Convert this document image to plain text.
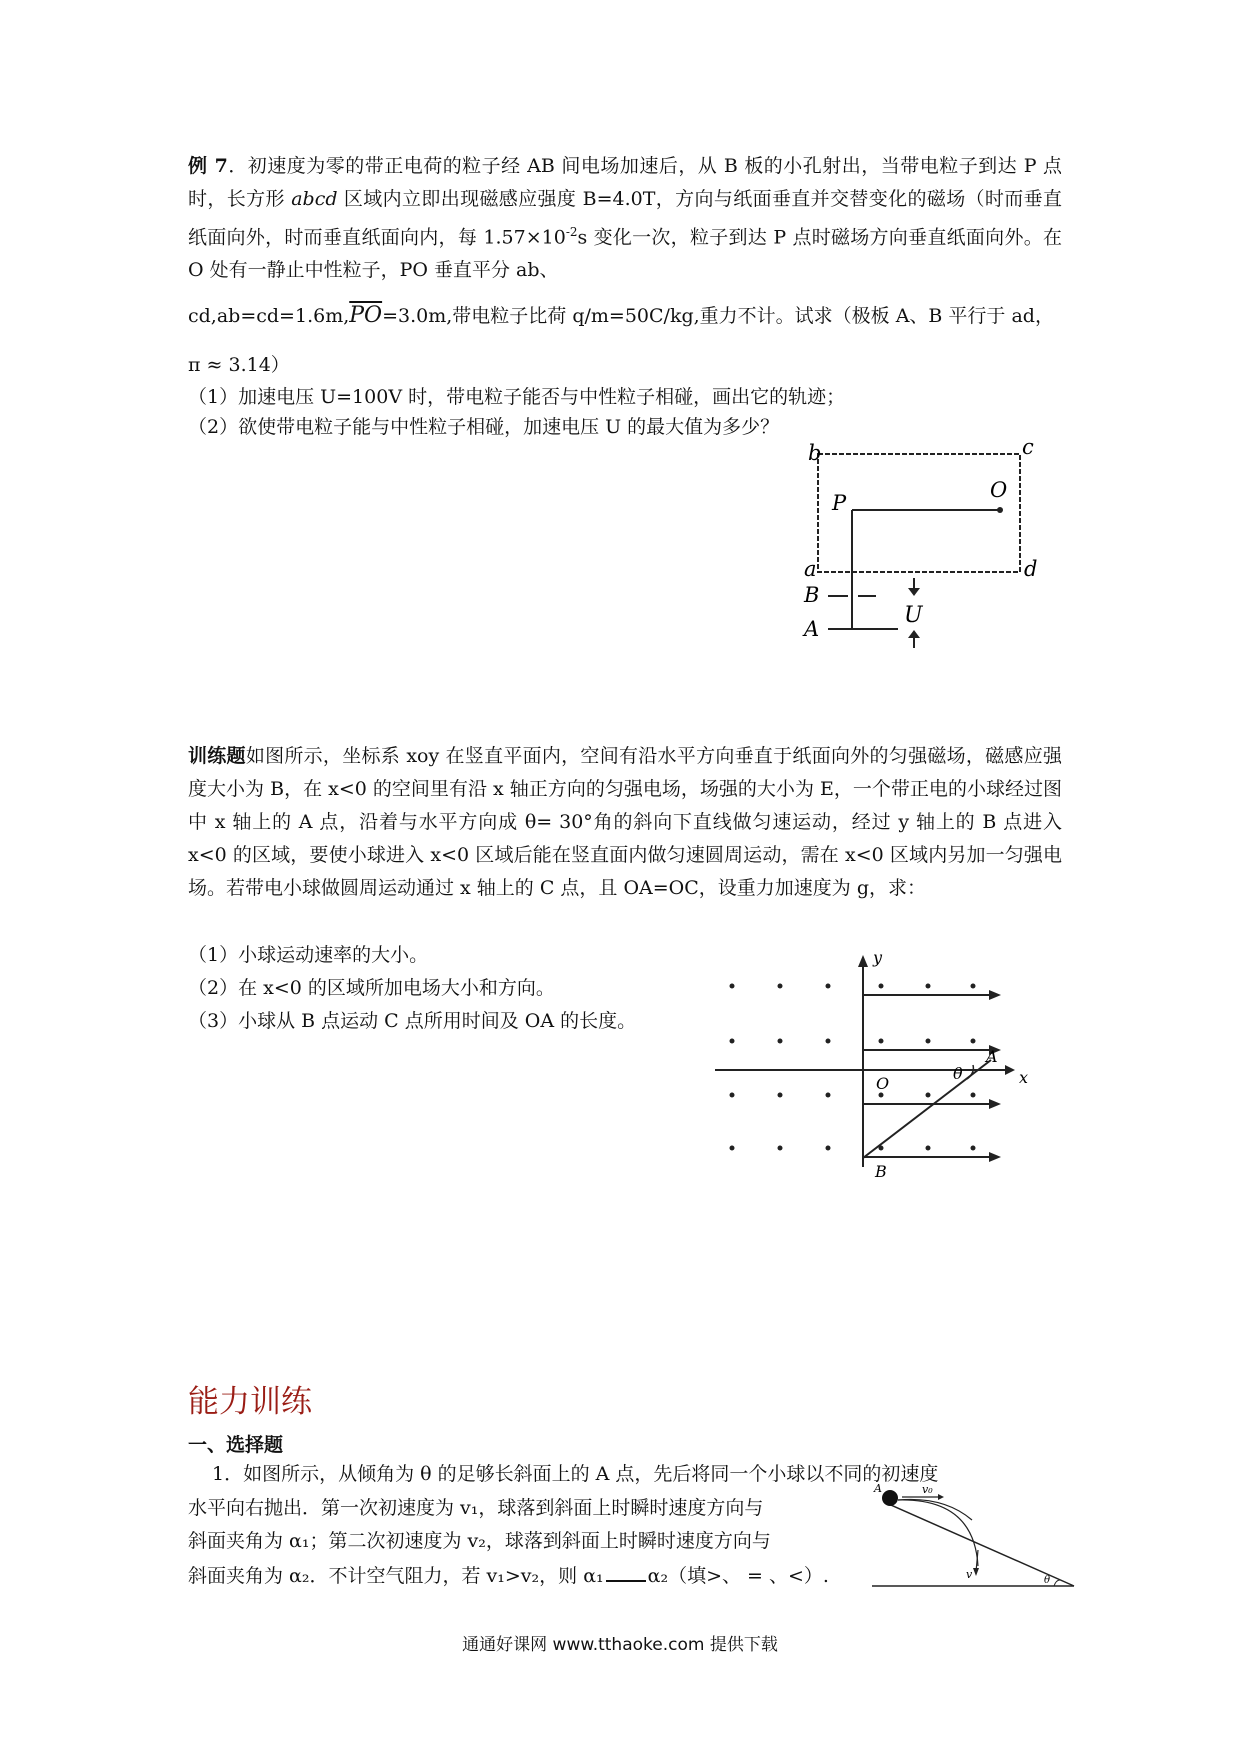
例 7．初速度为零的带正电荷的粒子经 AB 间电场加速后，从 B 板的小孔射出，当带电粒子到达 P 点时，长方形 abcd 区域内立即出现磁感应强度 B=4.0T，方向与纸面垂直并交替变化的磁场（时而垂直纸面向外，时而垂直纸面向内，每 $1.57\times 10^{-2}s$ 变化一次，粒子到达 P 点时磁场方向垂直纸面向外。在 O 处有一静止中性粒子，PO 垂直平分 ab、
$cd,ab=cd=1.6m,\overline{PO}=3.0m$,带电粒子比荷 q/m=50C/kg,重力不计。试求（极板 A、B 平行于 ad，
π ≈ 3.14）
（1）加速电压 U=100V 时，带电粒子能否与中性粒子相碰，画出它的轨迹；
（2）欲使带电粒子能与中性粒子相碰，加速电压 U 的最大值为多少？
b	c
P
O
a	d
B
A
U
训练题如图所示，坐标系 xoy 在竖直平面内，空间有沿水平方向垂直于纸面向外的匀强磁场，磁感应强度大小为 B，在 x<0 的空间里有沿 x 轴正方向的匀强电场，场强的大小为 E，一个带正电的小球经过图中 x 轴上的 A 点，沿着与水平方向成 θ= 30°角的斜向下直线做匀速运动，经过 y 轴上的 B 点进入 x<0 的区域，要使小球进入 x<0 区域后能在竖直面内做匀速圆周运动，需在 x<0 区域内另加一匀强电场。若带电小球做圆周运动通过 x 轴上的 C 点，且 OA=OC，设重力加速度为 g，求：
（1）小球运动速率的大小。
（2）在 x<0 的区域所加电场大小和方向。
（3）小球从 B 点运动 C 点所用时间及 OA 的长度。
O
y
x
A
B
θ
能力训练
一、选择题
1．如图所示，从倾角为 θ 的足够长斜面上的 A 点，先后将同一个小球以不同的初速度
水平向右抛出．第一次初速度为 v₁，球落到斜面上时瞬时速度方向与
斜面夹角为 α₁；第二次初速度为 v₂，球落到斜面上时瞬时速度方向与
斜面夹角为 α₂．不计空气阻力，若 v₁>v₂，则 α₁ α₂（填>、 = 、<）.
A	v₀
v	θ
通通好课网 www.tthaoke.com 提供下载
